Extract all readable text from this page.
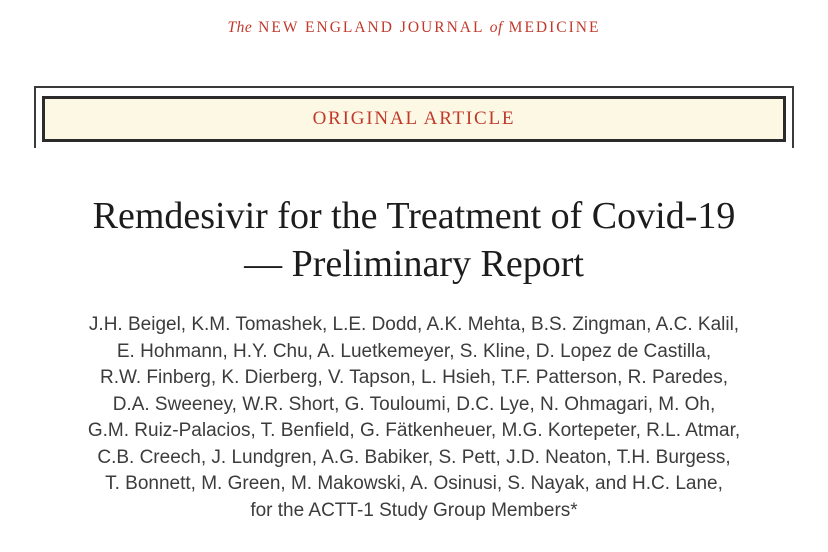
The NEW ENGLAND JOURNAL of MEDICINE
ORIGINAL ARTICLE
Remdesivir for the Treatment of Covid-19
— Preliminary Report
J.H. Beigel, K.M. Tomashek, L.E. Dodd, A.K. Mehta, B.S. Zingman, A.C. Kalil,
E. Hohmann, H.Y. Chu, A. Luetkemeyer, S. Kline, D. Lopez de Castilla,
R.W. Finberg, K. Dierberg, V. Tapson, L. Hsieh, T.F. Patterson, R. Paredes,
D.A. Sweeney, W.R. Short, G. Touloumi, D.C. Lye, N. Ohmagari, M. Oh,
G.M. Ruiz-Palacios, T. Benfield, G. Fätkenheuer, M.G. Kortepeter, R.L. Atmar,
C.B. Creech, J. Lundgren, A.G. Babiker, S. Pett, J.D. Neaton, T.H. Burgess,
T. Bonnett, M. Green, M. Makowski, A. Osinusi, S. Nayak, and H.C. Lane,
for the ACTT-1 Study Group Members*
